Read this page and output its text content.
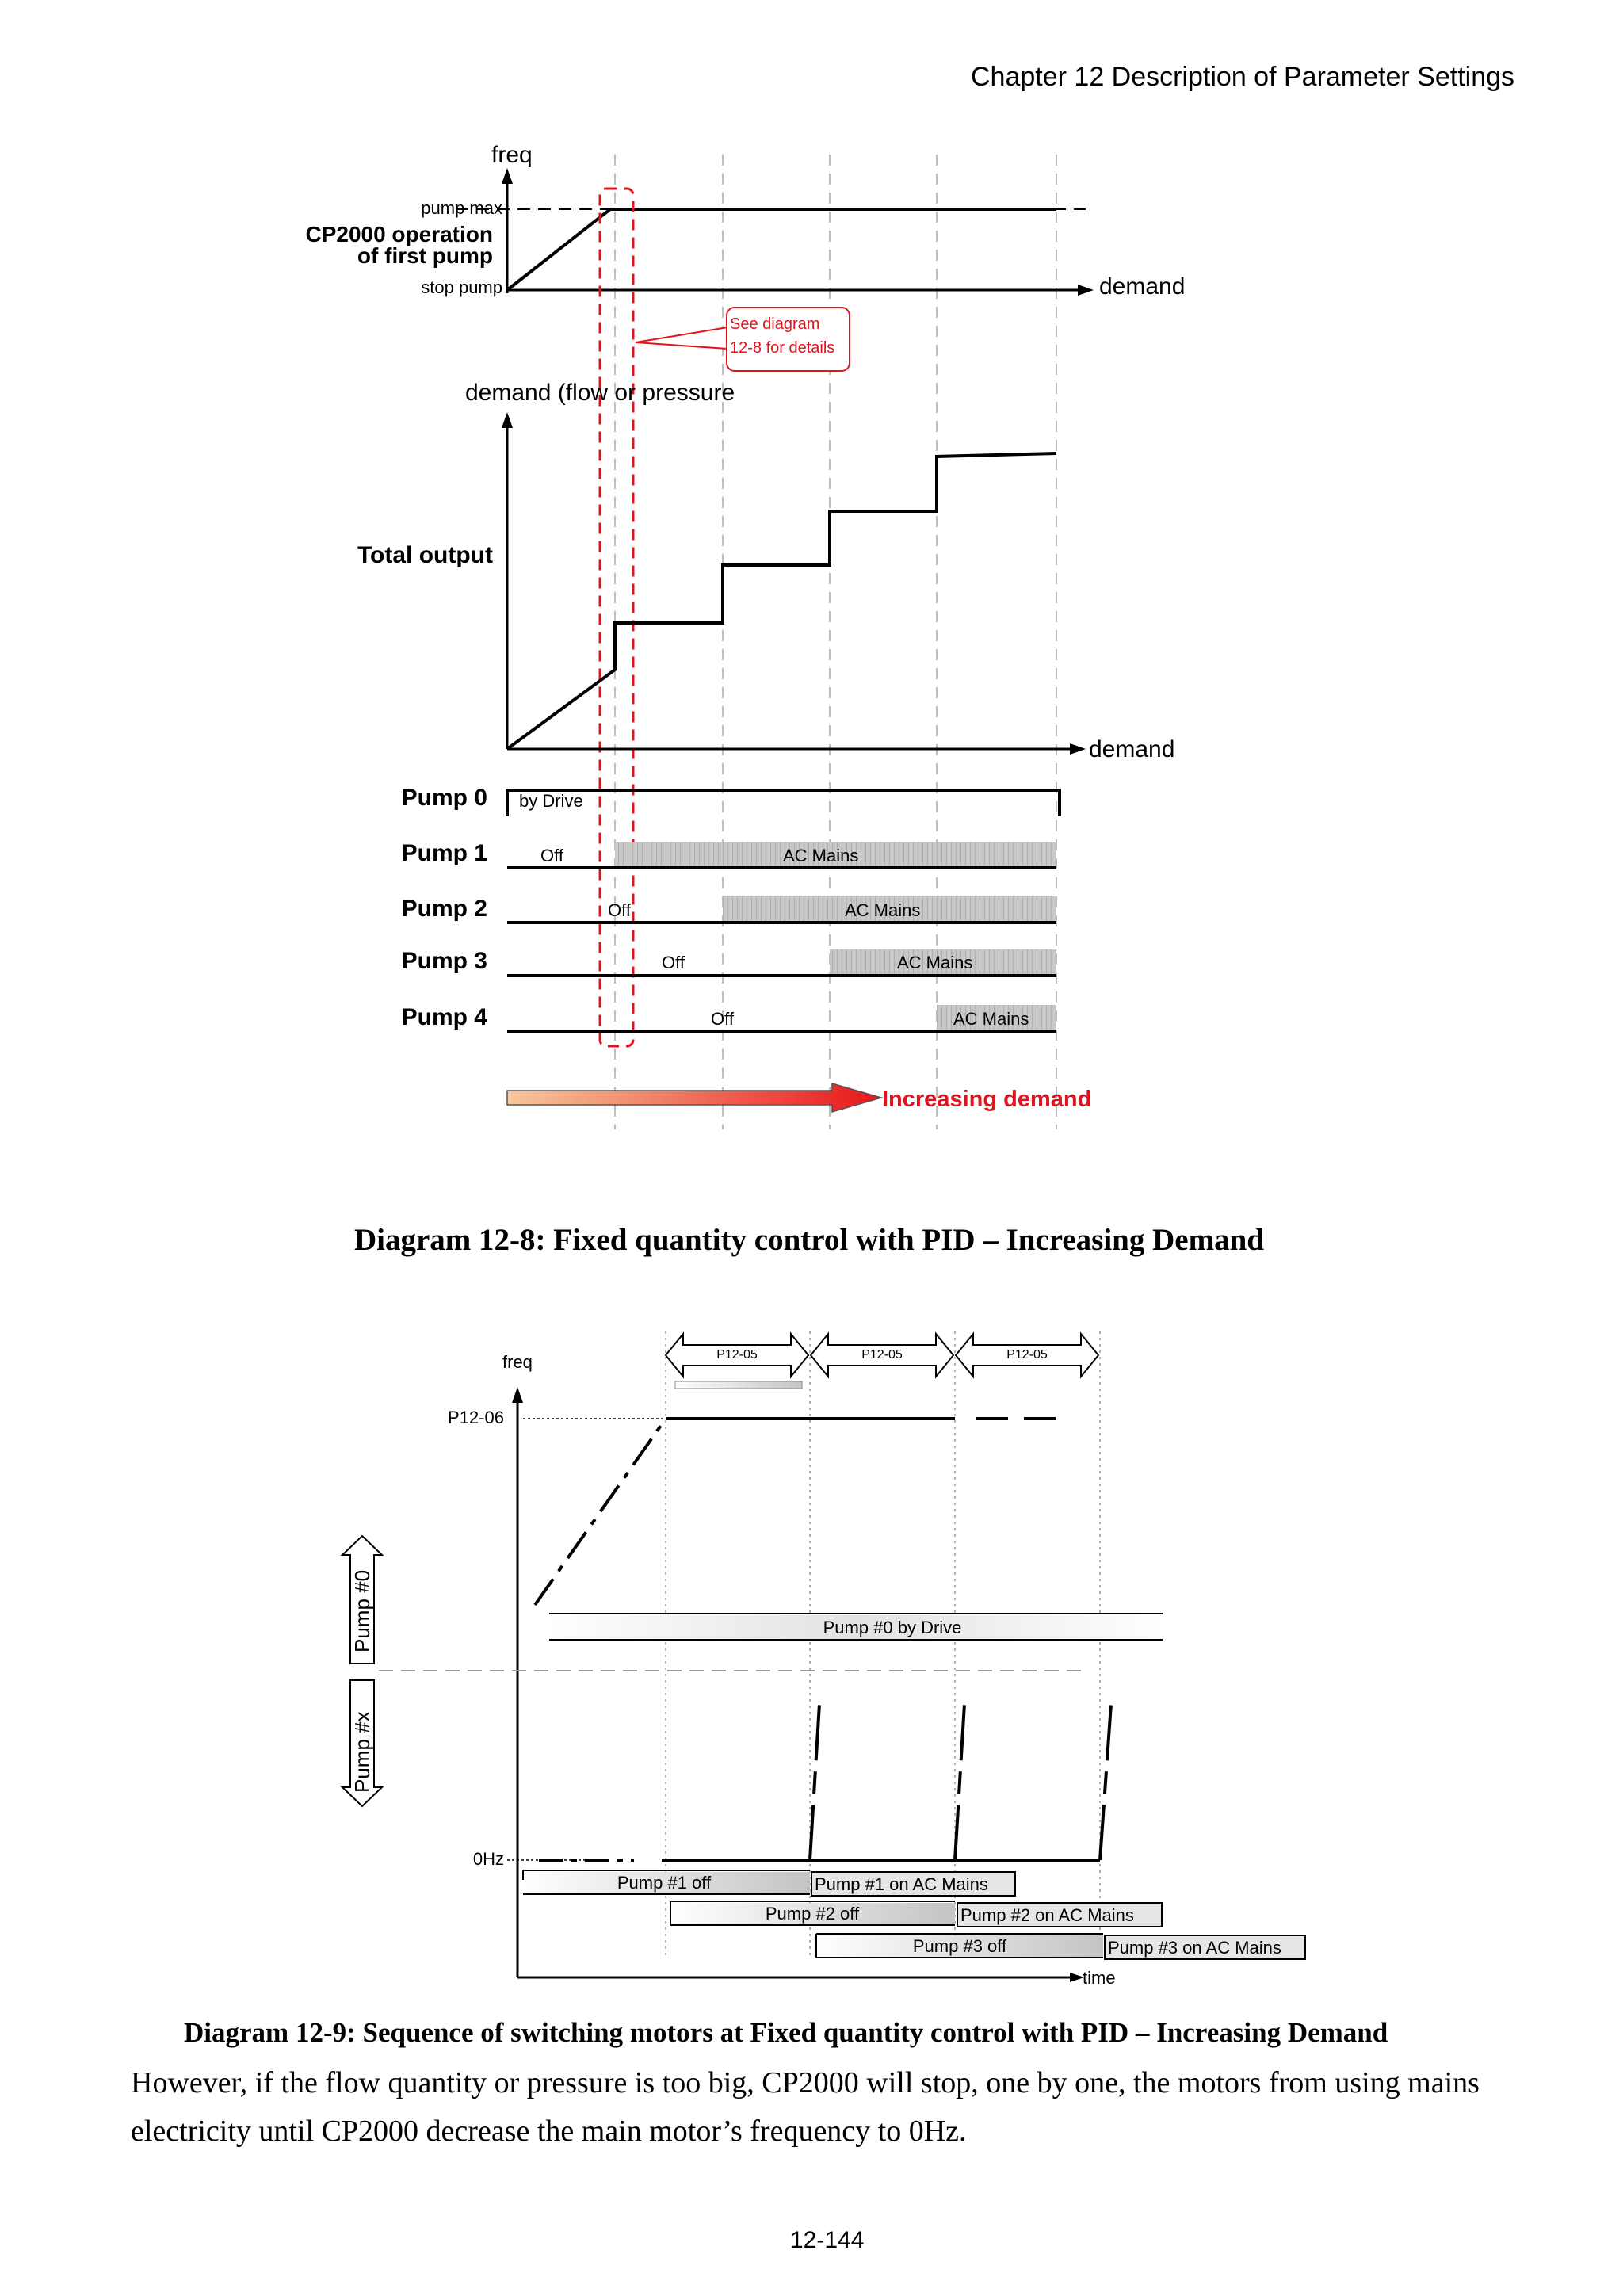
Chapter 12 Description of Parameter Settings
freq
pump max
CP2000 operation
of first pump
stop pump	demand
See diagram
12-8 for details
demand (flow or pressure
Total output
demand
Pump 0 by Drive
Pump 1	Off	AC Mains
Pump 2	Off	AC Mains
Pump 3	Off	AC Mains
Pump 4	Off	AC Mains
Increasing demand
Diagram 12-8: Fixed quantity control with PID – Increasing Demand
P12-05	P12-05	P12-05
freq
P12-06
0Hz
time
Pump #0 by Drive
Pump #0
Pump #x
Pump #1 off	Pump #1 on AC Mains
Pump #2 off	Pump #2 on AC Mains
Pump #3 off	Pump #3 on AC Mains
Diagram 12-9: Sequence of switching motors at Fixed quantity control with PID – Increasing Demand

However, if the flow quantity or pressure is too big, CP2000 will stop, one by one, the motors from using mains electricity until CP2000 decrease the main motor’s frequency to 0Hz.

12-144
